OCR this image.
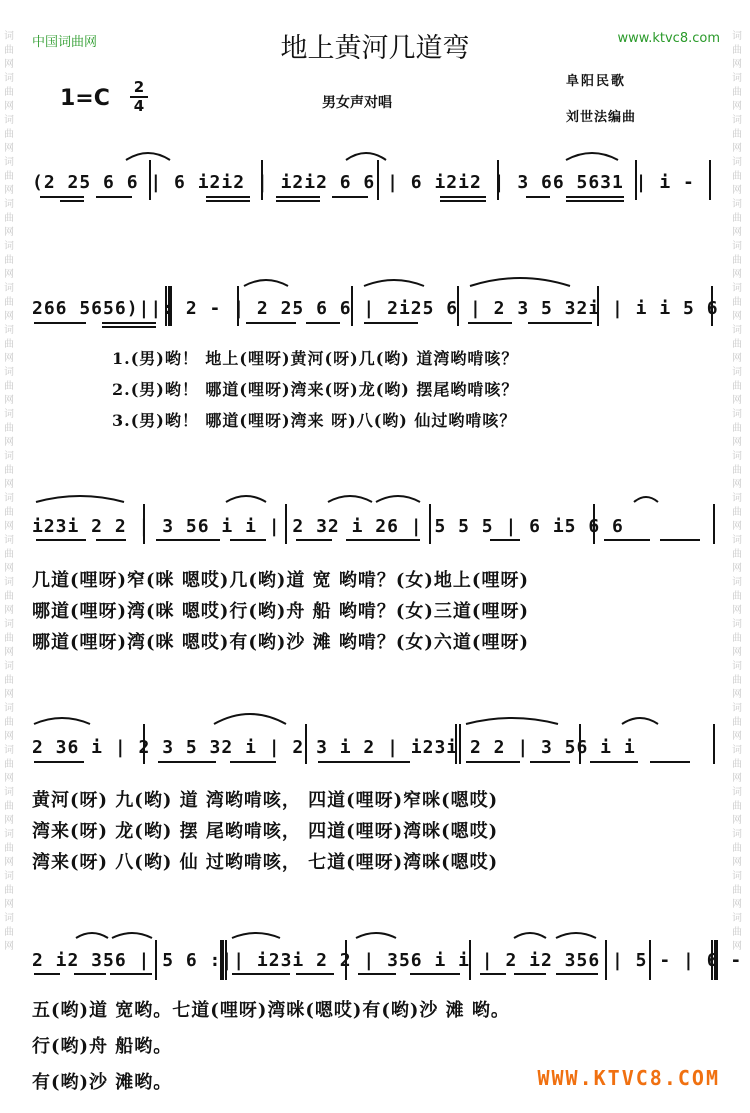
词曲网词曲网词曲网词曲网词曲网词曲网词曲网词曲网词曲网词曲网词曲网词曲网词曲网词曲网词曲网词曲网词曲网词曲网词曲网词曲网词曲网词曲网
词曲网词曲网词曲网词曲网词曲网词曲网词曲网词曲网词曲网词曲网词曲网词曲网词曲网词曲网词曲网词曲网词曲网词曲网词曲网词曲网词曲网词曲网
中国词曲网	www.ktvc8.com
地上黄河几道弯
1=C	2
4	男女声对唱
阜阳民歌
刘世法编曲
(2 25 6 6 | 6 i2i2 | i2i2 6 6 | 6 i2i2 | 3 66 5631 | i -
266 5656)||: 2 - | 2 25 6 6 | 2i25 6 | 2 3 5 32i | i i 5 6
1.(男)哟！ 地上(哩呀)黄河(呀)几(哟) 道湾哟啃咳？
2.(男)哟！ 哪道(哩呀)湾来(呀)龙(哟) 摆尾哟啃咳？
3.(男)哟！ 哪道(哩呀)湾来 呀)八(哟) 仙过哟啃咳？
i23i 2 2 | 3 56 i i | 2 32 i 26 | 5 5 5 | 6 i5 6 6
几道(哩呀)窄(咪 嗯哎)几(哟)道 宽 哟啃？(女)地上(哩呀)
哪道(哩呀)湾(咪 嗯哎)行(哟)舟 船 哟啃？(女)三道(哩呀)
哪道(哩呀)湾(咪 嗯哎)有(哟)沙 滩 哟啃？(女)六道(哩呀)
2 36 i | 2 3 5 32 i | 2 3 i 2 | i23i 2 2 | 3 56 i i
黄河(呀) 九(哟) 道 湾哟啃咳， 四道(哩呀)窄咪(嗯哎)
湾来(呀) 龙(哟) 摆 尾哟啃咳， 四道(哩呀)湾咪(嗯哎)
湾来(呀) 八(哟) 仙 过哟啃咳， 七道(哩呀)湾咪(嗯哎)
2 i2 356 | 5 6 :|| i23i 2 2 | 356 i i | 2 i2 356 | 5 - | 6 -
五(哟)道 宽哟。七道(哩呀)湾咪(嗯哎)有(哟)沙 滩 哟。
行(哟)舟 船哟。
有(哟)沙 滩哟。	WWW.KTVC8.COM
